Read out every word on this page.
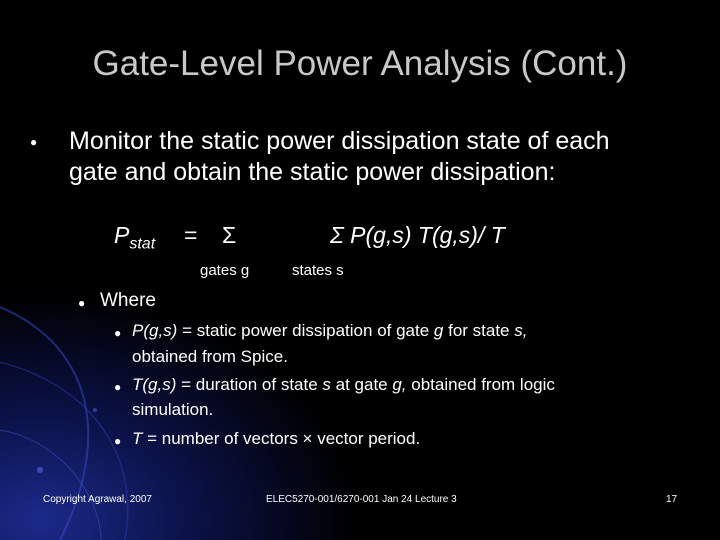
Gate-Level Power Analysis (Cont.)
● Monitor the static power dissipation state of each
gate and obtain the static power dissipation:
$P_{stat} = \Sigma$	Σ P(g,s) T(g,s)/ T
gates g	states s
● Where
● P(g,s) = static power dissipation of gate g for state s,
obtained from Spice.
● T(g,s) = duration of state s at gate g, obtained from logic
simulation.
● T = number of vectors × vector period.
Copyright Agrawal, 2007	ELEC5270-001/6270-001 Jan 24 Lecture 3	17
